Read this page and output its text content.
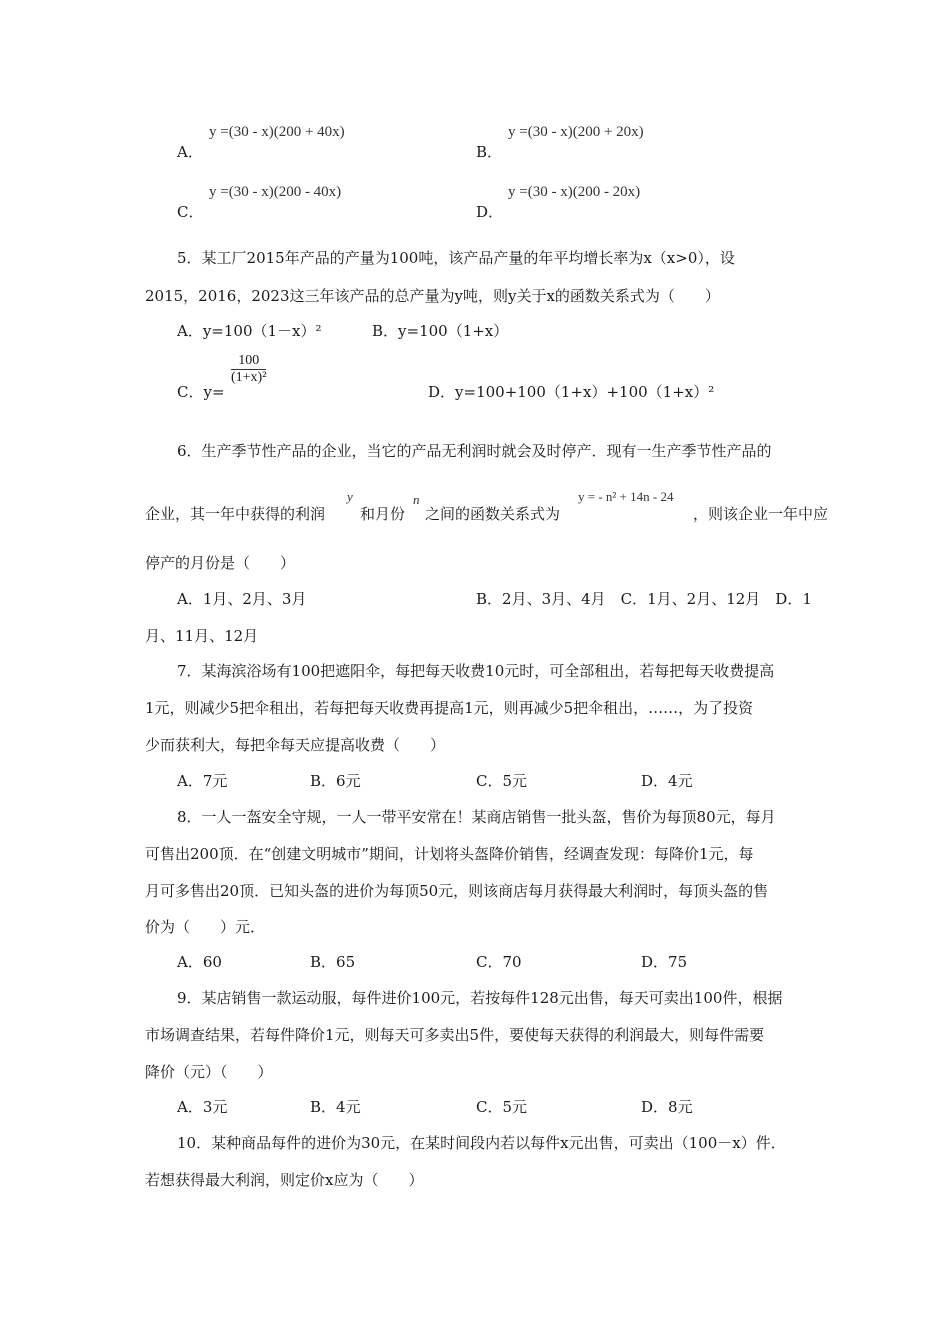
A．
y =(30 - x)(200 + 40x)
B．
y =(30 - x)(200 + 20x)
C．
y =(30 - x)(200 - 40x)
D．
y =(30 - x)(200 - 20x)
5．某工厂2015年产品的产量为100吨，该产品产量的年平均增长率为x（x>0），设
2015，2016，2023这三年该产品的总产量为y吨，则y关于x的函数关系式为（　　）
A．y=100（1－x）²	B．y=100（1+x）
C．y=
$\frac{100}{\text{(1+x)²}}$
D．y=100+100（1+x）+100（1+x）²
6．生产季节性产品的企业，当它的产品无利润时就会及时停产．现有一生产季节性产品的
企业，其一年中获得的利润
y
和月份
n
之间的函数关系式为
y = - n² + 14n - 24
，则该企业一年中应
停产的月份是（　　）
A．1月、2月、3月	B．2月、3月、4月　C．1月、2月、12月　D．1
月、11月、12月
7．某海滨浴场有100把遮阳伞，每把每天收费10元时，可全部租出，若每把每天收费提高
1元，则减少5把伞租出，若每把每天收费再提高1元，则再减少5把伞租出，……，为了投资
少而获利大，每把伞每天应提高收费（　　）
A．7元	B．6元	C．5元	D．4元
8．一人一盔安全守规，一人一带平安常在！某商店销售一批头盔，售价为每顶80元，每月
可售出200顶．在“创建文明城市”期间，计划将头盔降价销售，经调查发现：每降价1元，每
月可多售出20顶．已知头盔的进价为每顶50元，则该商店每月获得最大利润时，每顶头盔的售
价为（　　）元．
A．60	B．65	C．70	D．75
9．某店销售一款运动服，每件进价100元，若按每件128元出售，每天可卖出100件，根据
市场调查结果，若每件降价1元，则每天可多卖出5件，要使每天获得的利润最大，则每件需要
降价（元）（　　）
A．3元	B．4元	C．5元	D．8元
10．某种商品每件的进价为30元，在某时间段内若以每件x元出售，可卖出（100－x）件．
若想获得最大利润，则定价x应为（　　）
